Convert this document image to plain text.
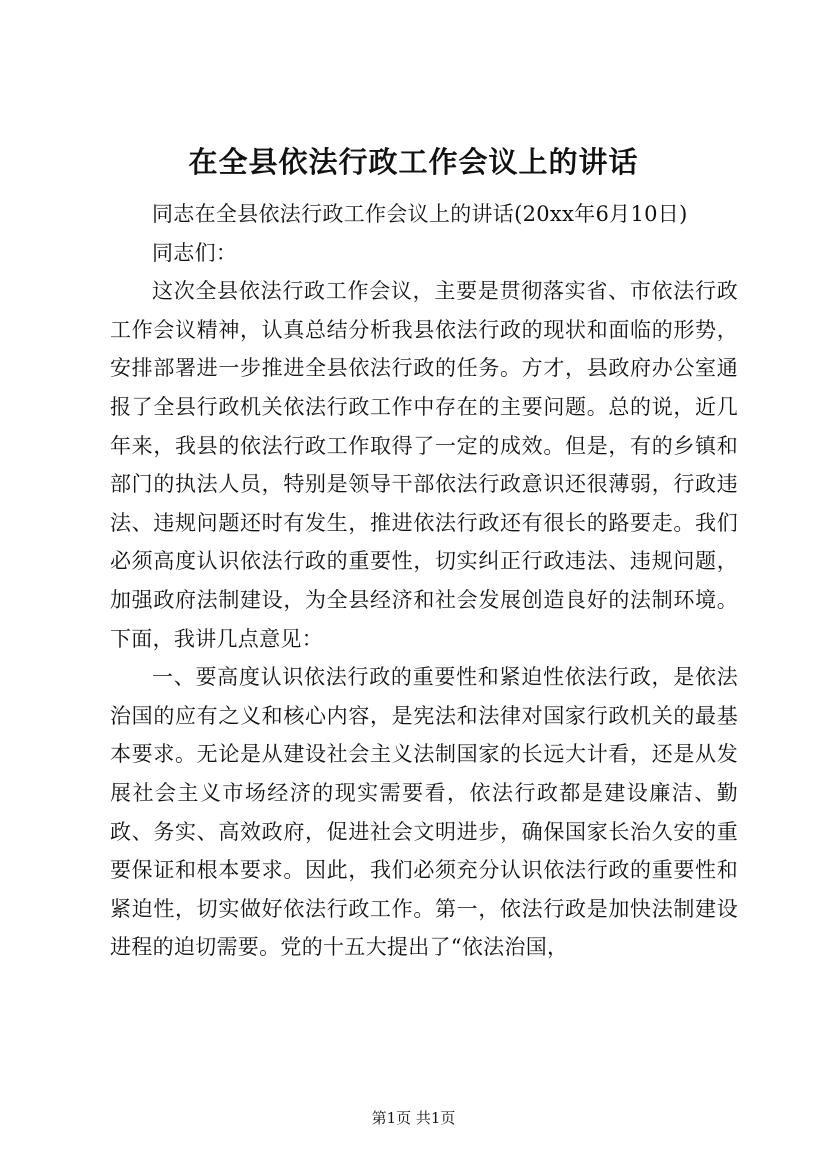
在全县依法行政工作会议上的讲话

同志在全县依法行政工作会议上的讲话(20xx年6月10日)

同志们：

这次全县依法行政工作会议，主要是贯彻落实省、市依法行政工作会议精神，认真总结分析我县依法行政的现状和面临的形势，安排部署进一步推进全县依法行政的任务。方才，县政府办公室通报了全县行政机关依法行政工作中存在的主要问题。总的说，近几年来，我县的依法行政工作取得了一定的成效。但是，有的乡镇和部门的执法人员，特别是领导干部依法行政意识还很薄弱，行政违法、违规问题还时有发生，推进依法行政还有很长的路要走。我们必须高度认识依法行政的重要性，切实纠正行政违法、违规问题，加强政府法制建设，为全县经济和社会发展创造良好的法制环境。下面，我讲几点意见：

一、要高度认识依法行政的重要性和紧迫性依法行政，是依法治国的应有之义和核心内容，是宪法和法律对国家行政机关的最基本要求。无论是从建设社会主义法制国家的长远大计看，还是从发展社会主义市场经济的现实需要看，依法行政都是建设廉洁、勤政、务实、高效政府，促进社会文明进步，确保国家长治久安的重要保证和根本要求。因此，我们必须充分认识依法行政的重要性和紧迫性，切实做好依法行政工作。第一，依法行政是加快法制建设进程的迫切需要。党的十五大提出了“依法治国，

第1页 共1页
